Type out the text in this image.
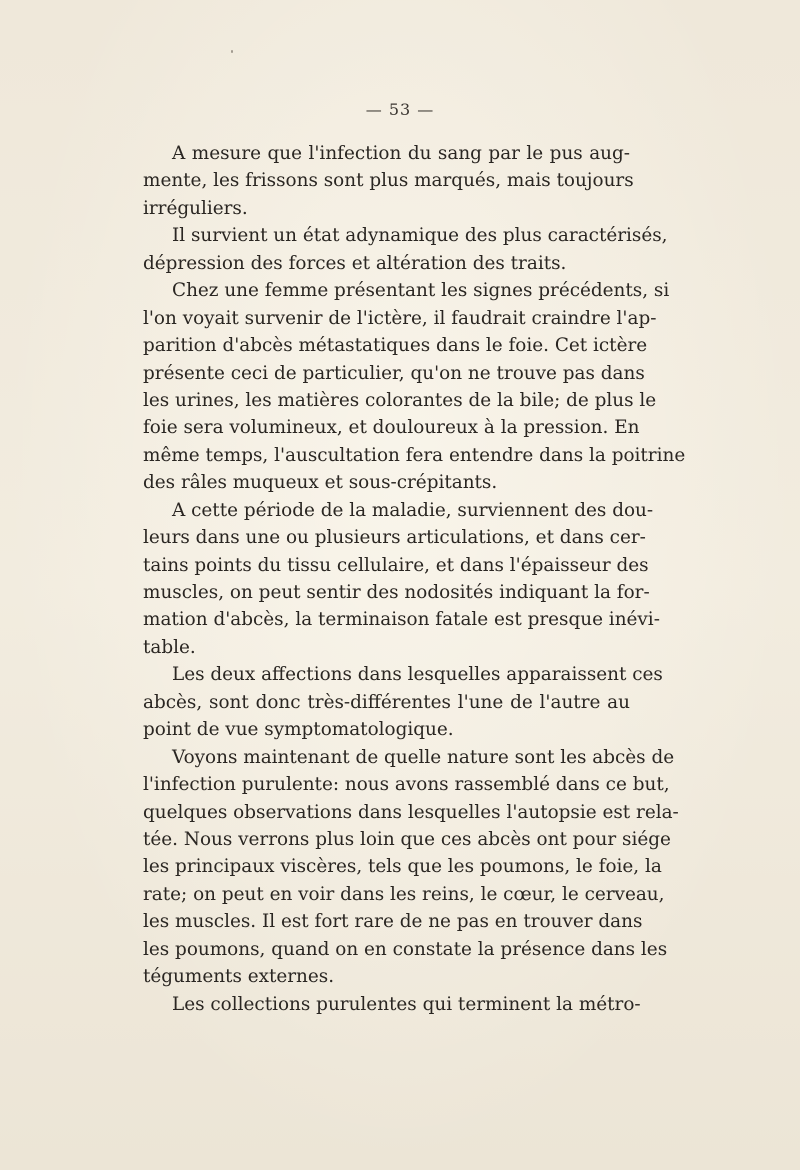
— 53 —
A mesure que l'infection du sang par le pus aug-
mente, les frissons sont plus marqués, mais toujours
irréguliers.
Il survient un état adynamique des plus caractérisés,
dépression des forces et altération des traits.
Chez une femme présentant les signes précédents, si
l'on voyait survenir de l'ictère, il faudrait craindre l'ap-
parition d'abcès métastatiques dans le foie. Cet ictère
présente ceci de particulier, qu'on ne trouve pas dans
les urines, les matières colorantes de la bile; de plus le
foie sera volumineux, et douloureux à la pression. En
même temps, l'auscultation fera entendre dans la poitrine
des râles muqueux et sous-crépitants.
A cette période de la maladie, surviennent des dou-
leurs dans une ou plusieurs articulations, et dans cer-
tains points du tissu cellulaire, et dans l'épaisseur des
muscles, on peut sentir des nodosités indiquant la for-
mation d'abcès, la terminaison fatale est presque inévi-
table.
Les deux affections dans lesquelles apparaissent ces
abcès, sont donc très-différentes l'une de l'autre au
point de vue symptomatologique.
Voyons maintenant de quelle nature sont les abcès de
l'infection purulente: nous avons rassemblé dans ce but,
quelques observations dans lesquelles l'autopsie est rela-
tée. Nous verrons plus loin que ces abcès ont pour siége
les principaux viscères, tels que les poumons, le foie, la
rate; on peut en voir dans les reins, le cœur, le cerveau,
les muscles. Il est fort rare de ne pas en trouver dans
les poumons, quand on en constate la présence dans les
téguments externes.
Les collections purulentes qui terminent la métro-
